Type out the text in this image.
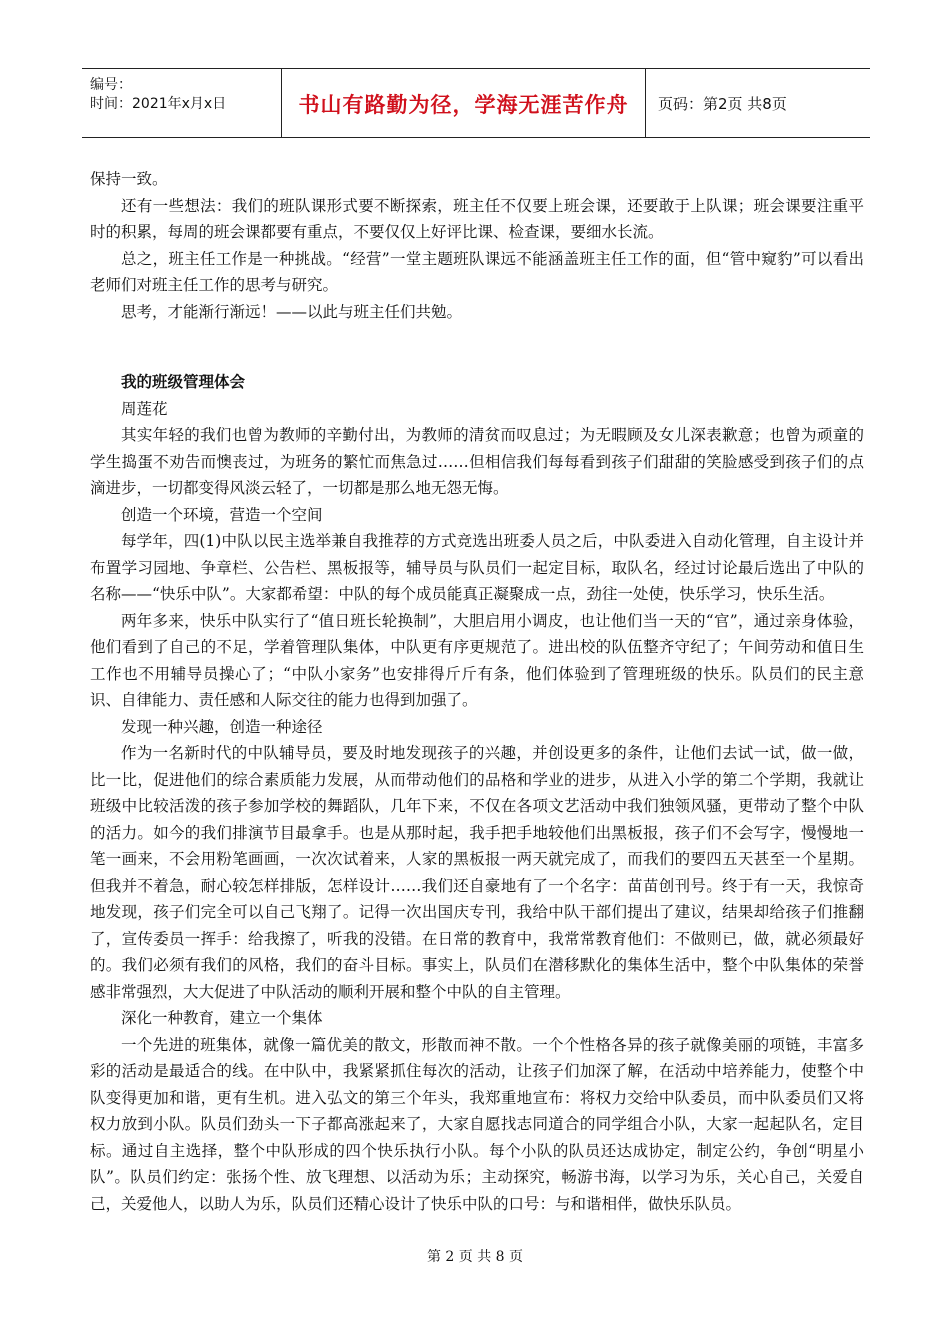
编号：
时间：2021年x月x日	书山有路勤为径，学海无涯苦作舟 页码：第2页 共8页

保持一致。

还有一些想法：我们的班队课形式要不断探索，班主任不仅要上班会课，还要敢于上队课；班会课要注重平时的积累，每周的班会课都要有重点，不要仅仅上好评比课、检查课，要细水长流。

总之，班主任工作是一种挑战。“经营”一堂主题班队课远不能涵盖班主任工作的面，但“管中窥豹”可以看出老师们对班主任工作的思考与研究。

思考，才能渐行渐远！——以此与班主任们共勉。

我的班级管理体会

周莲花

其实年轻的我们也曾为教师的辛勤付出，为教师的清贫而叹息过；为无暇顾及女儿深表歉意；也曾为顽童的学生捣蛋不劝告而懊丧过，为班务的繁忙而焦急过……但相信我们每每看到孩子们甜甜的笑脸感受到孩子们的点滴进步，一切都变得风淡云轻了，一切都是那么地无怨无悔。

创造一个环境，营造一个空间

每学年，四(1)中队以民主选举兼自我推荐的方式竞选出班委人员之后，中队委进入自动化管理，自主设计并布置学习园地、争章栏、公告栏、黑板报等，辅导员与队员们一起定目标，取队名，经过讨论最后选出了中队的名称——“快乐中队”。大家都希望：中队的每个成员能真正凝聚成一点，劲往一处使，快乐学习，快乐生活。

两年多来，快乐中队实行了“值日班长轮换制”，大胆启用小调皮，也让他们当一天的“官”，通过亲身体验，他们看到了自己的不足，学着管理队集体，中队更有序更规范了。进出校的队伍整齐守纪了；午间劳动和值日生工作也不用辅导员操心了；“中队小家务”也安排得斤斤有条，他们体验到了管理班级的快乐。队员们的民主意识、自律能力、责任感和人际交往的能力也得到加强了。

发现一种兴趣，创造一种途径

作为一名新时代的中队辅导员，要及时地发现孩子的兴趣，并创设更多的条件，让他们去试一试，做一做，比一比，促进他们的综合素质能力发展，从而带动他们的品格和学业的进步，从进入小学的第二个学期，我就让班级中比较活泼的孩子参加学校的舞蹈队，几年下来，不仅在各项文艺活动中我们独领风骚，更带动了整个中队的活力。如今的我们排演节目最拿手。也是从那时起，我手把手地较他们出黑板报，孩子们不会写字，慢慢地一笔一画来，不会用粉笔画画，一次次试着来，人家的黑板报一两天就完成了，而我们的要四五天甚至一个星期。但我并不着急，耐心较怎样排版，怎样设计……我们还自豪地有了一个名字：苗苗创刊号。终于有一天，我惊奇地发现，孩子们完全可以自己飞翔了。记得一次出国庆专刊，我给中队干部们提出了建议，结果却给孩子们推翻了，宣传委员一挥手：给我擦了，听我的没错。在日常的教育中，我常常教育他们：不做则已，做，就必须最好的。我们必须有我们的风格，我们的奋斗目标。事实上，队员们在潜移默化的集体生活中，整个中队集体的荣誉感非常强烈，大大促进了中队活动的顺利开展和整个中队的自主管理。

深化一种教育，建立一个集体

一个先进的班集体，就像一篇优美的散文，形散而神不散。一个个性格各异的孩子就像美丽的项链，丰富多彩的活动是最适合的线。在中队中，我紧紧抓住每次的活动，让孩子们加深了解，在活动中培养能力，使整个中队变得更加和谐，更有生机。进入弘文的第三个年头，我郑重地宣布：将权力交给中队委员，而中队委员们又将权力放到小队。队员们劲头一下子都高涨起来了，大家自愿找志同道合的同学组合小队，大家一起起队名，定目标。通过自主选择，整个中队形成的四个快乐执行小队。每个小队的队员还达成协定，制定公约，争创“明星小队”。队员们约定：张扬个性、放飞理想、以活动为乐；主动探究，畅游书海，以学习为乐，关心自己，关爱自己，关爱他人，以助人为乐，队员们还精心设计了快乐中队的口号：与和谐相伴，做快乐队员。

第 2 页 共 8 页
